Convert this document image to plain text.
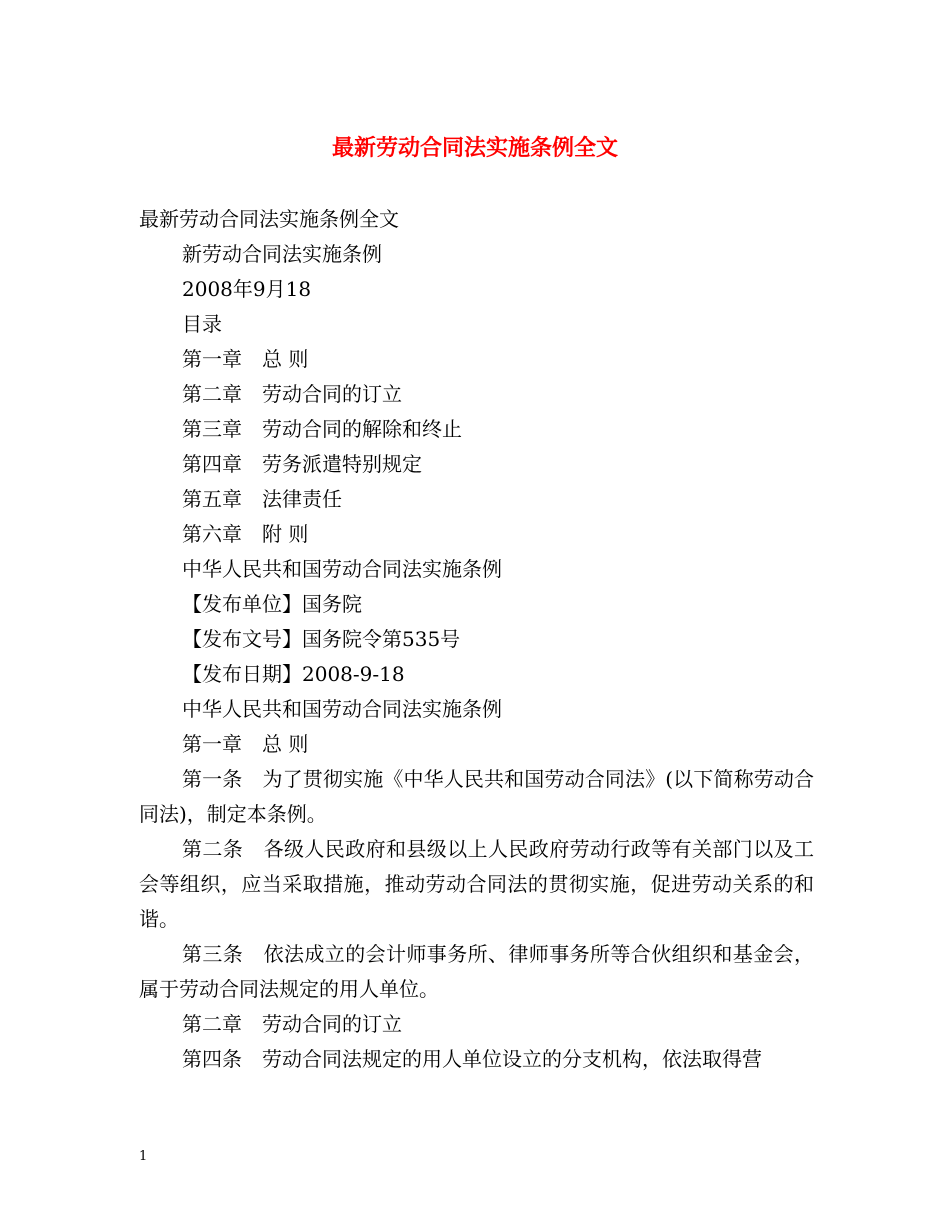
最新劳动合同法实施条例全文

最新劳动合同法实施条例全文

新劳动合同法实施条例

2008年9月18

目录

第一章　总 则

第二章　劳动合同的订立

第三章　劳动合同的解除和终止

第四章　劳务派遣特别规定

第五章　法律责任

第六章　附 则

中华人民共和国劳动合同法实施条例

【发布单位】国务院

【发布文号】国务院令第535号

【发布日期】2008-9-18

中华人民共和国劳动合同法实施条例

第一章　总 则

第一条　为了贯彻实施《中华人民共和国劳动合同法》(以下简称劳动合同法)，制定本条例。

第二条　各级人民政府和县级以上人民政府劳动行政等有关部门以及工会等组织，应当采取措施，推动劳动合同法的贯彻实施，促进劳动关系的和谐。

第三条　依法成立的会计师事务所、律师事务所等合伙组织和基金会，属于劳动合同法规定的用人单位。

第二章　劳动合同的订立

第四条　劳动合同法规定的用人单位设立的分支机构，依法取得营

1
